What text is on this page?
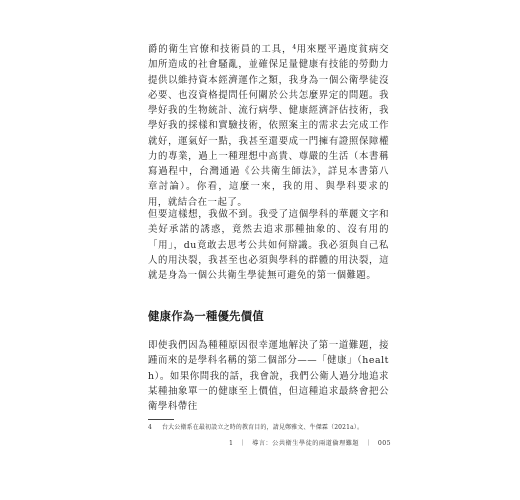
爵的衛生官僚和技術員的工具，$^4$用來壓平過度貧病交加所造成的社會騷亂，並確保足量健康有技能的勞動力提供以維持資本經濟運作之類，我身為一個公衛學徒沒必要、也沒資格提問任何關於公共怎麼界定的問題。我學好我的生物統計、流行病學、健康經濟評估技術，我學好我的採樣和實驗技術，依照案主的需求去完成工作就好，運氣好一點，我甚至還要成一門擁有證照保障權力的專業，過上一種理想中高貴、尊嚴的生活（本書稱寫過程中，台灣通過《公共衛生師法》，詳見本書第八章討論）。你看，這麼一來，我的用、與學科要求的用，就結合在一起了。

但要這樣想，我做不到。我受了這個學科的華麗文字和美好承諾的誘惑，竟然去追求那種抽象的、沒有用的「用」，du竟敢去思考公共如何辯識。我必須與自己私人的用決裂，我甚至也必須與學科的群體的用決裂，這就是身為一個公共衛生學徒無可避免的第一個難題。

健康作為一種優先價值

即使我們因為種種原因很幸運地解決了第一道難題，接踵而來的是學科名稱的第二個部分——「健康」（health）。如果你問我的話，我會說，我們公衛人過分地追求某種抽象單一的健康至上價值，但這種追求最終會把公衛學科帶往

4 台大公衛系在最初設立之時的教育目的，請見鄭雅文、牛傑霖（2021a）。

1 ｜ 導言：公共衛生學徒的兩道倫理難題 ｜ 005
